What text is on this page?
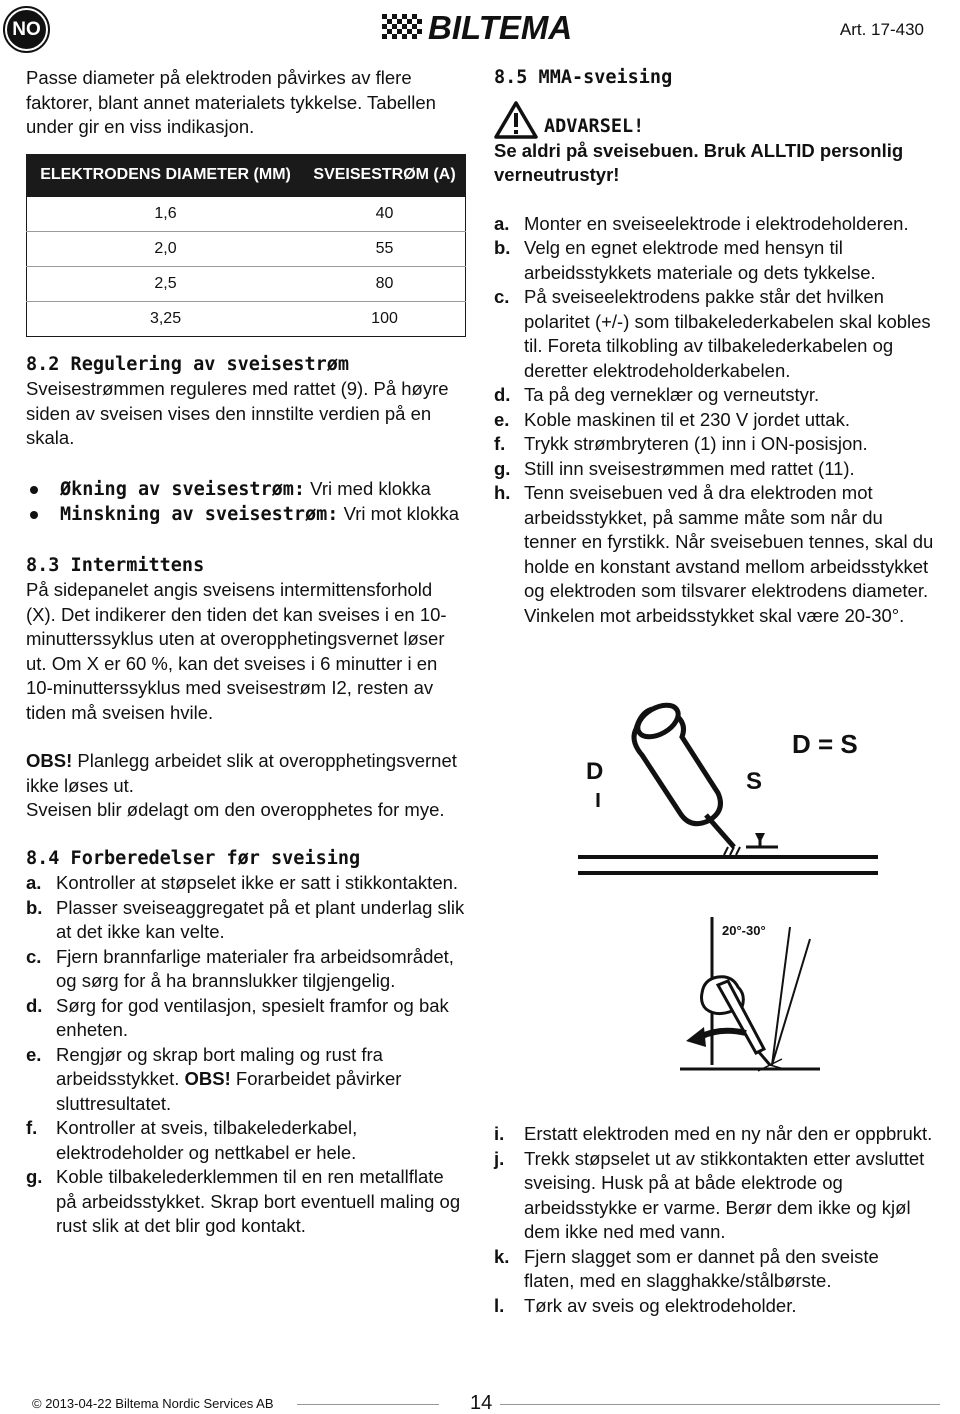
NO	BILTEMA	Art. 17-430

Passe diameter på elektroden påvirkes av flere faktorer, blant annet materialets tykkelse. Tabellen under gir en viss indikasjon.

ELEKTRODENS DIAMETER (MM)	SVEISESTRØM (A)
1,6	40
2,0	55
2,5	80
3,25	100
8.2 Regulering av sveisestrøm

Sveisestrømmen reguleres med rattet (9). På høyre siden av sveisen vises den innstilte verdien på en skala.

Økning av sveisestrøm: Vri med klokka
Minskning av sveisestrøm: Vri mot klokka
8.3 Intermittens

På sidepanelet angis sveisens intermittensforhold (X). Det indikerer den tiden det kan sveises i en 10-minutterssyklus uten at overopphetingsvernet løser ut. Om X er 60 %, kan det sveises i 6 minutter i en 10-minutterssyklus med sveisestrøm I2, resten av tiden må sveisen hvile.

OBS! Planlegg arbeidet slik at overopphetingsvernet ikke løses ut.

Sveisen blir ødelagt om den overopphetes for mye.

8.4 Forberedelser før sveising
a. Kontroller at støpselet ikke er satt i stikkontakten.
b. Plasser sveiseaggregatet på et plant underlag slik at det ikke kan velte.
c. Fjern brannfarlige materialer fra arbeidsområdet, og sørg for å ha brannslukker tilgjengelig.
d. Sørg for god ventilasjon, spesielt framfor og bak enheten.
e. Rengjør og skrap bort maling og rust fra arbeidsstykket. OBS! Forarbeidet påvirker sluttresultatet.
f.	Kontroller at sveis, tilbakelederkabel, elektrodeholder og nettkabel er hele.
g. Koble tilbakelederklemmen til en ren metallflate på arbeidsstykket. Skrap bort eventuell maling og rust slik at det blir god kontakt.
8.5 MMA-sveising
ADVARSEL!

Se aldri på sveisebuen. Bruk ALLTID personlig verneutrustyr!

a. Monter en sveiseelektrode i elektrodeholderen.
b. Velg en egnet elektrode med hensyn til arbeidsstykkets materiale og dets tykkelse.
c. På sveiseelektrodens pakke står det hvilken polaritet (+/-) som tilbakelederkabelen skal kobles til. Foreta tilkobling av tilbakelederkabelen og deretter elektrodeholderkabelen.
d. Ta på deg verneklær og verneutstyr.
e. Koble maskinen til et 230 V jordet uttak.
f.	Trykk strømbryteren (1) inn i ON-posisjon.
g. Still inn sveisestrømmen med rattet (11).
h. Tenn sveisebuen ved å dra elektroden mot arbeidsstykket, på samme måte som når du tenner en fyrstikk. Når sveisebuen tennes, skal du holde en konstant avstand mellom arbeidsstykket og elektroden som tilsvarer elektrodens diameter. Vinkelen mot arbeidsstykket skal være 20-30°.
i.	Erstatt elektroden med en ny når den er oppbrukt.
j.	Trekk støpselet ut av stikkontakten etter avsluttet sveising. Husk på at både elektrode og arbeidsstykke er varme. Berør dem ikke og kjøl dem ikke ned med vann.
k. Fjern slagget som er dannet på den sveiste flaten, med en slagghakke/stålbørste.
l.	Tørk av sveis og elektrodeholder.
D	S
D = S
20°-30°
© 2013-04-22 Biltema Nordic Services AB	14
